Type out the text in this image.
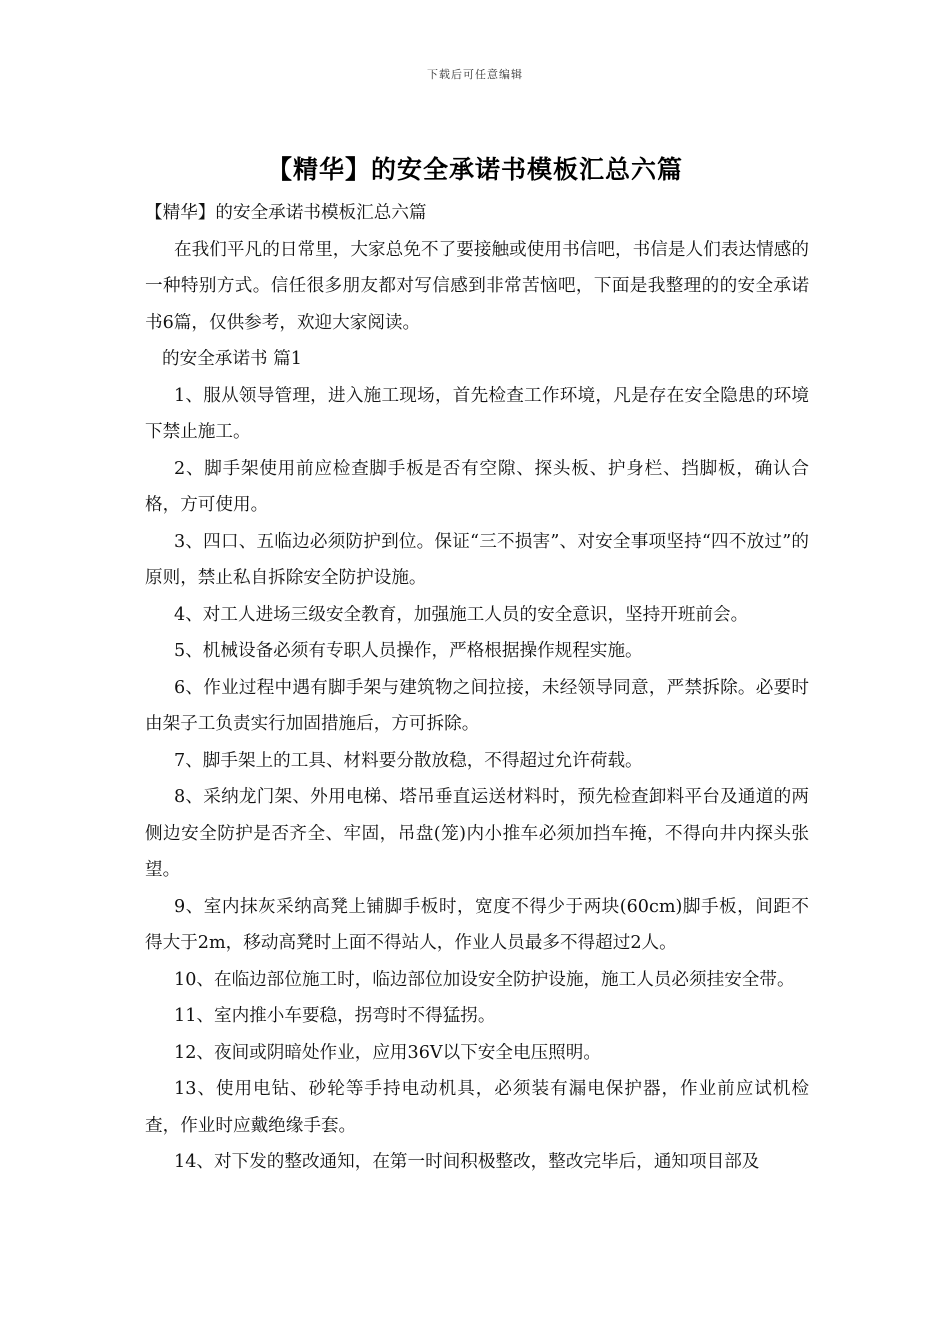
下载后可任意编辑
【精华】的安全承诺书模板汇总六篇

【精华】的安全承诺书模板汇总六篇

在我们平凡的日常里，大家总免不了要接触或使用书信吧，书信是人们表达情感的一种特别方式。信任很多朋友都对写信感到非常苦恼吧，下面是我整理的的安全承诺书6篇，仅供参考，欢迎大家阅读。

的安全承诺书 篇1

1、服从领导管理，进入施工现场，首先检查工作环境，凡是存在安全隐患的环境下禁止施工。

2、脚手架使用前应检查脚手板是否有空隙、探头板、护身栏、挡脚板，确认合格，方可使用。

3、四口、五临边必须防护到位。保证“三不损害”、对安全事项坚持“四不放过”的原则，禁止私自拆除安全防护设施。

4、对工人进场三级安全教育，加强施工人员的安全意识，坚持开班前会。

5、机械设备必须有专职人员操作，严格根据操作规程实施。

6、作业过程中遇有脚手架与建筑物之间拉接，未经领导同意，严禁拆除。必要时由架子工负责实行加固措施后，方可拆除。

7、脚手架上的工具、材料要分散放稳，不得超过允许荷载。

8、采纳龙门架、外用电梯、塔吊垂直运送材料时，预先检查卸料平台及通道的两侧边安全防护是否齐全、牢固，吊盘(笼)内小推车必须加挡车掩，不得向井内探头张望。

9、室内抹灰采纳高凳上铺脚手板时，宽度不得少于两块(60cm)脚手板，间距不得大于2m，移动高凳时上面不得站人，作业人员最多不得超过2人。

10、在临边部位施工时，临边部位加设安全防护设施，施工人员必须挂安全带。

11、室内推小车要稳，拐弯时不得猛拐。

12、夜间或阴暗处作业，应用36V以下安全电压照明。

13、使用电钻、砂轮等手持电动机具，必须装有漏电保护器，作业前应试机检查，作业时应戴绝缘手套。

14、对下发的整改通知，在第一时间积极整改，整改完毕后，通知项目部及
